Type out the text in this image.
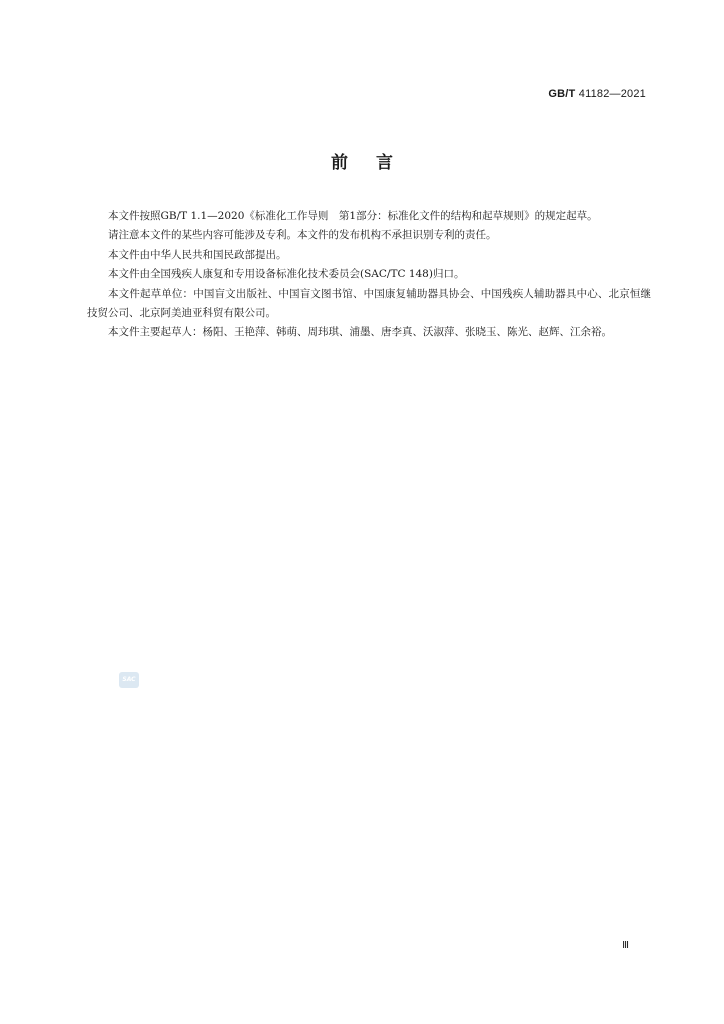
GB/T 41182—2021
前言

本文件按照GB/T 1.1—2020《标准化工作导则　第1部分：标准化文件的结构和起草规则》的规定起草。

请注意本文件的某些内容可能涉及专利。本文件的发布机构不承担识别专利的责任。

本文件由中华人民共和国民政部提出。

本文件由全国残疾人康复和专用设备标准化技术委员会(SAC/TC 148)归口。

本文件起草单位：中国盲文出版社、中国盲文图书馆、中国康复辅助器具协会、中国残疾人辅助器具中心、北京恒继技贸公司、北京阿美迪亚科贸有限公司。

本文件主要起草人：杨阳、王艳萍、韩萌、周玮琪、浦墨、唐李真、沃淑萍、张晓玉、陈光、赵辉、江余裕。

SAC
Ⅲ
